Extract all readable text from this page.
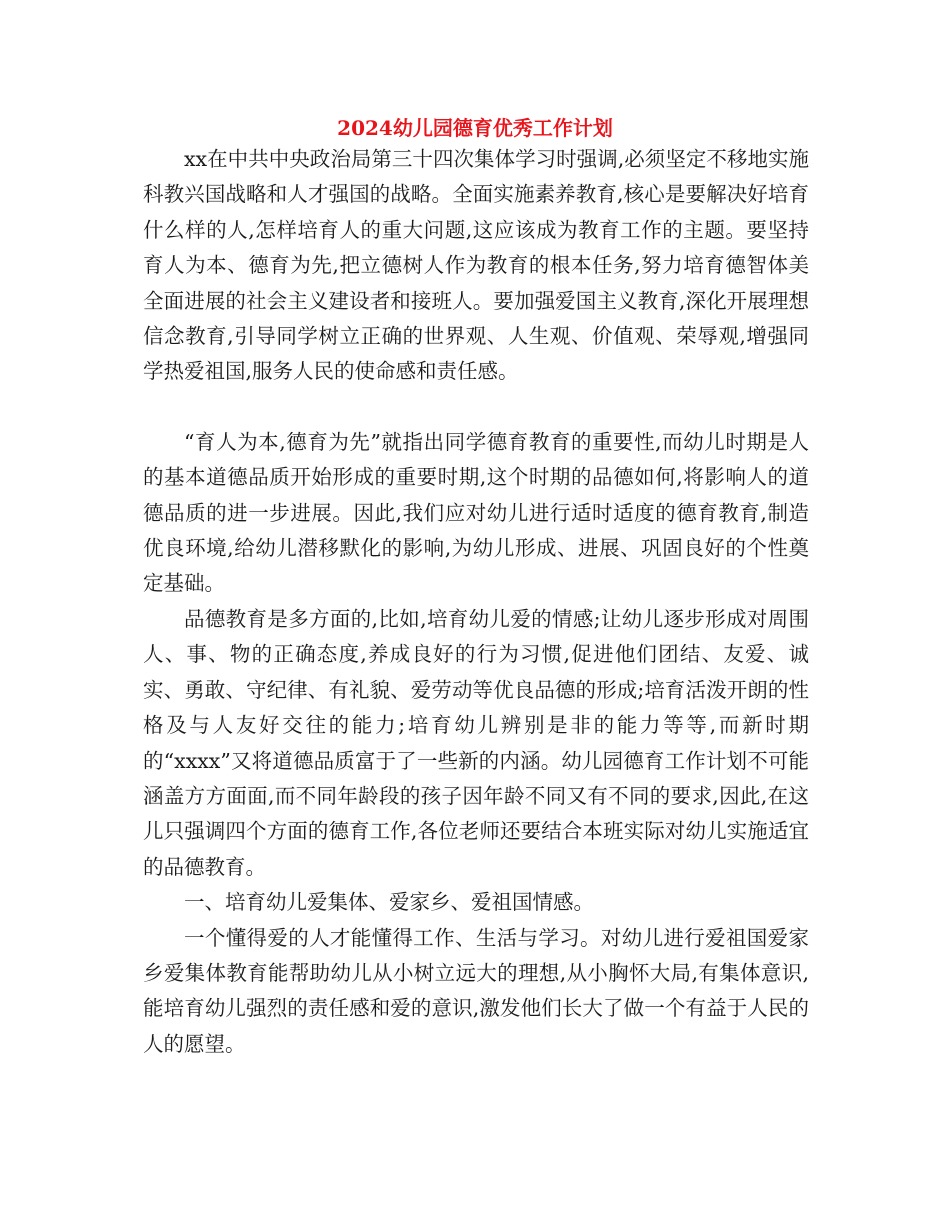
2024幼儿园德育优秀工作计划

xx在中共中央政治局第三十四次集体学习时强调,必须坚定不移地实施科教兴国战略和人才强国的战略。全面实施素养教育,核心是要解决好培育什么样的人,怎样培育人的重大问题,这应该成为教育工作的主题。要坚持育人为本、德育为先,把立德树人作为教育的根本任务,努力培育德智体美全面进展的社会主义建设者和接班人。要加强爱国主义教育,深化开展理想信念教育,引导同学树立正确的世界观、人生观、价值观、荣辱观,增强同学热爱祖国,服务人民的使命感和责任感。

“育人为本,德育为先”就指出同学德育教育的重要性,而幼儿时期是人的基本道德品质开始形成的重要时期,这个时期的品德如何,将影响人的道德品质的进一步进展。因此,我们应对幼儿进行适时适度的德育教育,制造优良环境,给幼儿潜移默化的影响,为幼儿形成、进展、巩固良好的个性奠定基础。

品德教育是多方面的,比如,培育幼儿爱的情感;让幼儿逐步形成对周围人、事、物的正确态度,养成良好的行为习惯,促进他们团结、友爱、诚实、勇敢、守纪律、有礼貌、爱劳动等优良品德的形成;培育活泼开朗的性格及与人友好交往的能力;培育幼儿辨别是非的能力等等,而新时期的“xxxx”又将道德品质富于了一些新的内涵。幼儿园德育工作计划不可能涵盖方方面面,而不同年龄段的孩子因年龄不同又有不同的要求,因此,在这儿只强调四个方面的德育工作,各位老师还要结合本班实际对幼儿实施适宜的品德教育。

一、培育幼儿爱集体、爱家乡、爱祖国情感。

一个懂得爱的人才能懂得工作、生活与学习。对幼儿进行爱祖国爱家乡爱集体教育能帮助幼儿从小树立远大的理想,从小胸怀大局,有集体意识,能培育幼儿强烈的责任感和爱的意识,激发他们长大了做一个有益于人民的人的愿望。
